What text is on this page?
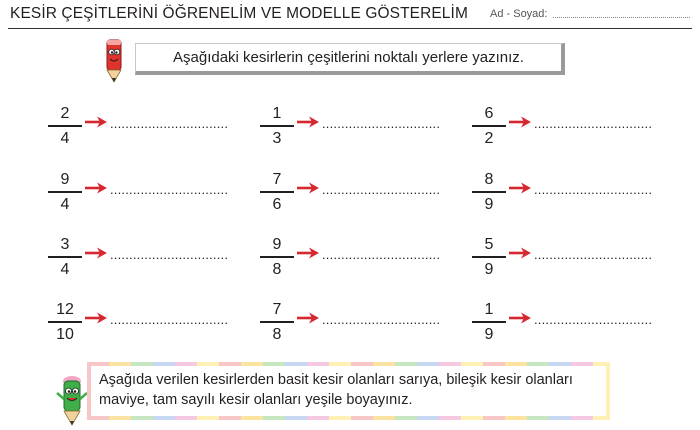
KESİR ÇEŞİTLERİNİ ÖĞRENELİM VE MODELLE GÖSTERELİM Ad - Soyad:
Aşağıdaki kesirlerin çeşitlerini noktalı yerlere yazınız.
2
4
...............................
1
3
...............................
6
2
...............................
9
4
...............................
7
6
...............................
8
9
...............................
3
4
...............................
9
8
...............................
5
9
...............................
12
10
...............................
7
8
...............................
1
9
...............................
Aşağıda verilen kesirlerden basit kesir olanları sarıya, bileşik kesir olanları maviye, tam sayılı kesir olanları yeşile boyayınız.
